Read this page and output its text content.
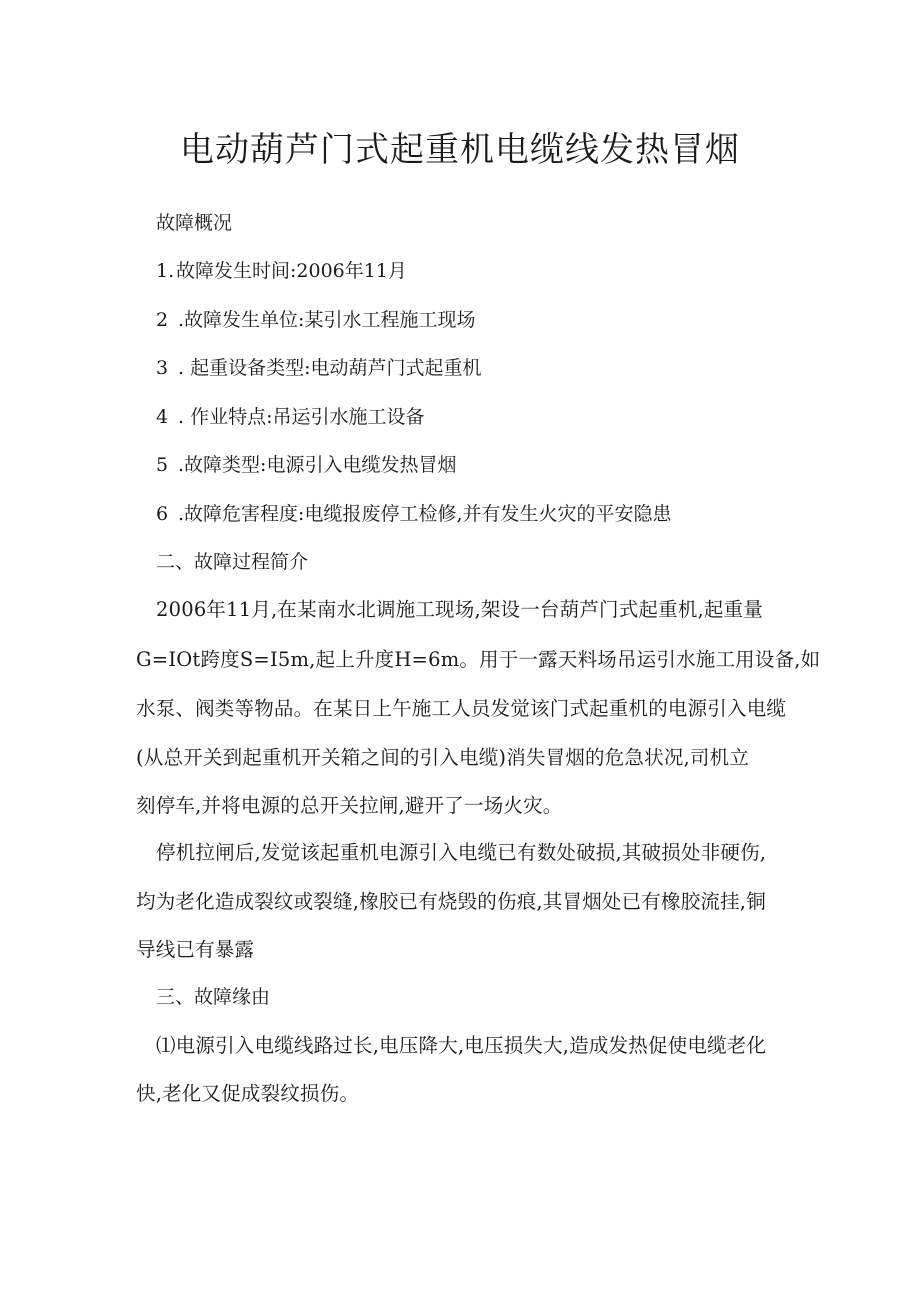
电动葫芦门式起重机电缆线发热冒烟

故障概况

1.故障发生时间:2006年11月

2 .故障发生单位:某引水工程施工现场

3 . 起重设备类型:电动葫芦门式起重机

4 . 作业特点:吊运引水施工设备

5 .故障类型:电源引入电缆发热冒烟

6 .故障危害程度:电缆报废停工检修,并有发生火灾的平安隐患

二、故障过程简介

2006年11月,在某南水北调施工现场,架设一台葫芦门式起重机,起重量

G=IOt跨度S=I5m,起上升度H=6m。用于一露天料场吊运引水施工用设备,如

水泵、阀类等物品。在某日上午施工人员发觉该门式起重机的电源引入电缆

(从总开关到起重机开关箱之间的引入电缆)消失冒烟的危急状况,司机立

刻停车,并将电源的总开关拉闸,避开了一场火灾。

停机拉闸后,发觉该起重机电源引入电缆已有数处破损,其破损处非硬伤,

均为老化造成裂纹或裂缝,橡胶已有烧毁的伤痕,其冒烟处已有橡胶流挂,铜

导线已有暴露

三、故障缘由

⑴电源引入电缆线路过长,电压降大,电压损失大,造成发热促使电缆老化

快,老化又促成裂纹损伤。
